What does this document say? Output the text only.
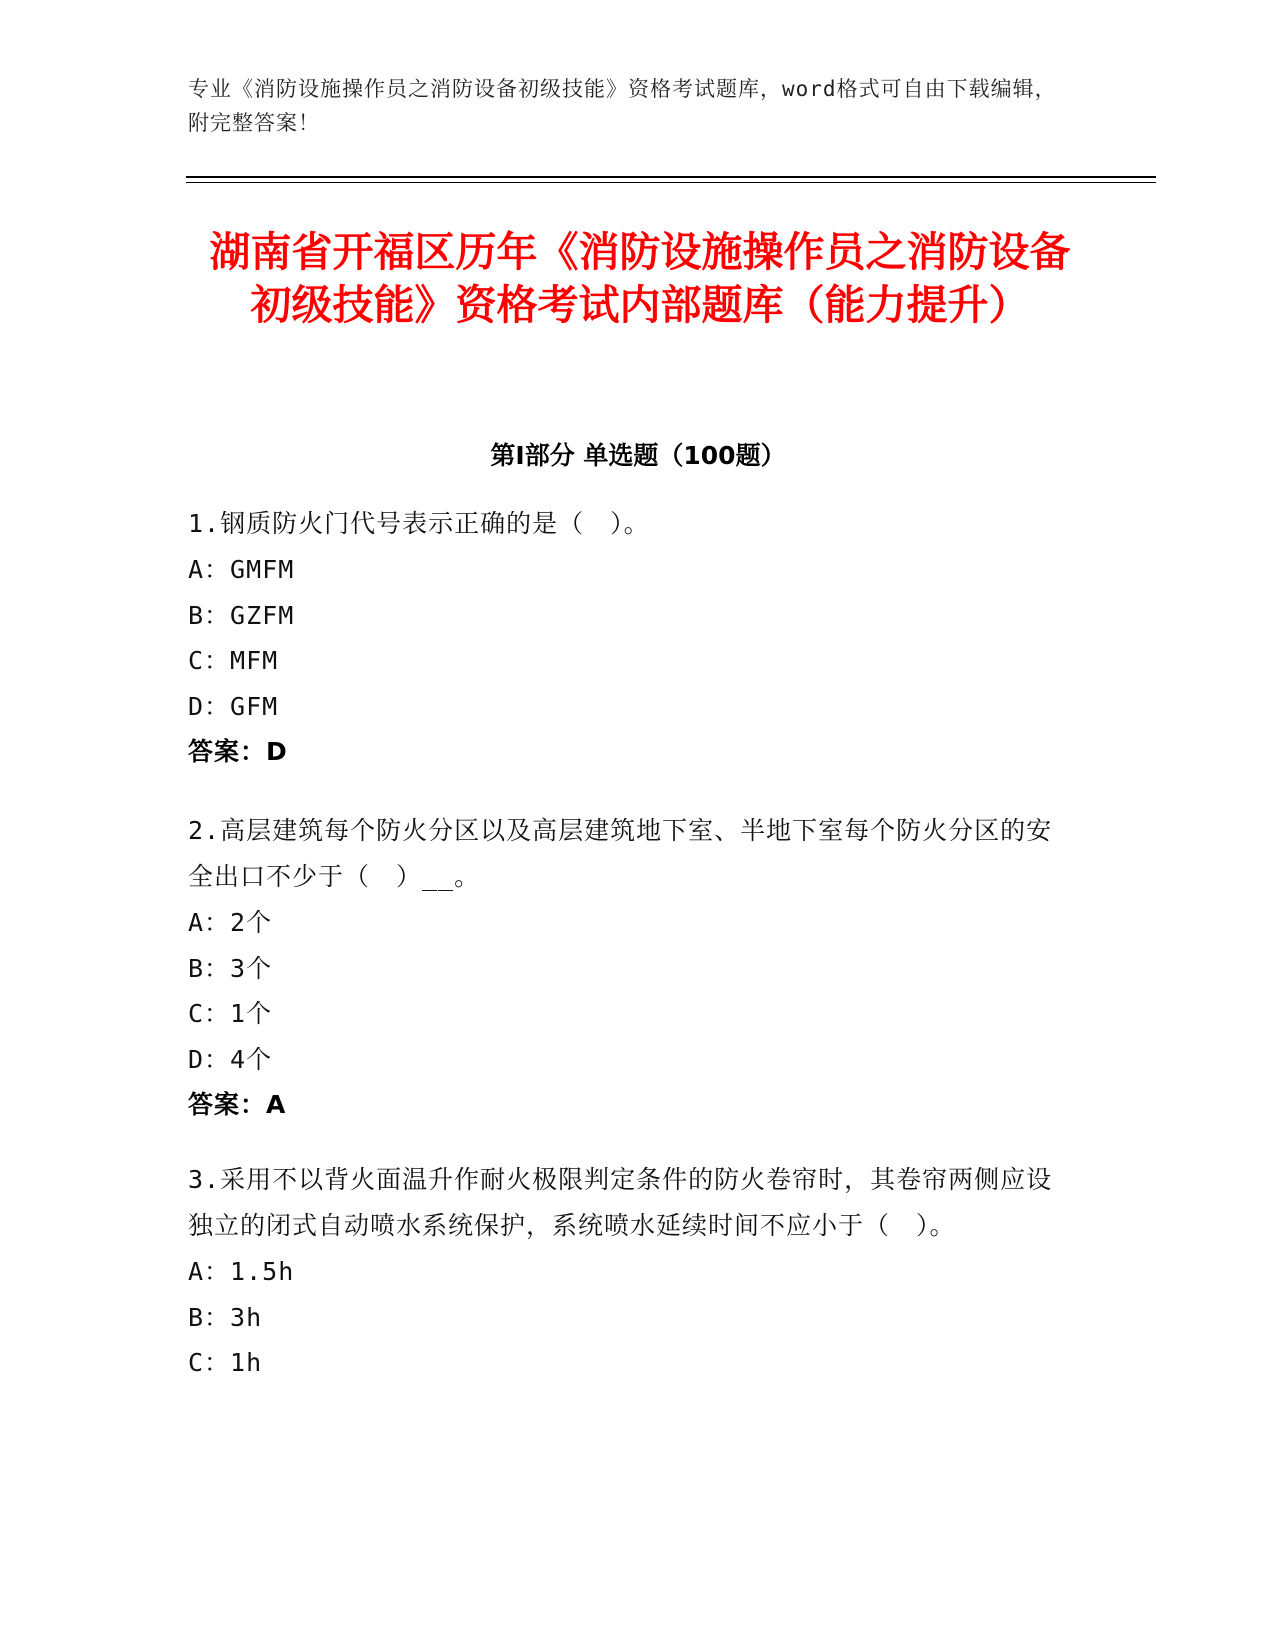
专业《消防设施操作员之消防设备初级技能》资格考试题库，word格式可自由下载编辑，附完整答案！
湖南省开福区历年《消防设施操作员之消防设备初级技能》资格考试内部题库（能力提升）
第Ⅰ部分 单选题（100题）
1.钢质防火门代号表示正确的是（　）。
A：GMFM
B：GZFM
C：MFM
D：GFM
答案：D
2.高层建筑每个防火分区以及高层建筑地下室、半地下室每个防火分区的安全出口不少于（　）__。
A：2个
B：3个
C：1个
D：4个
答案：A
3.采用不以背火面温升作耐火极限判定条件的防火卷帘时，其卷帘两侧应设独立的闭式自动喷水系统保护，系统喷水延续时间不应小于（　）。
A：1.5h
B：3h
C：1h
